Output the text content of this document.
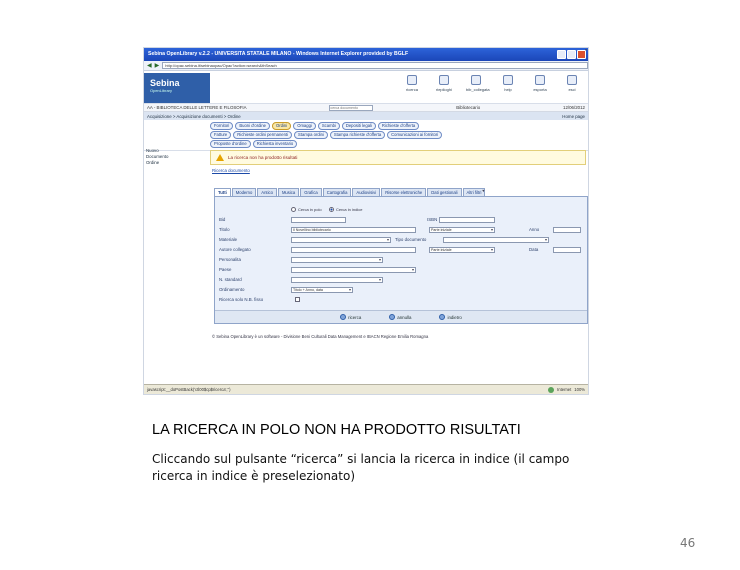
Sebina OpenLibrary v.2.2 - UNIVERSITA STATALE MILANO - Windows Internet Explorer provided by BGLF
◀ ▶	http://opac.sebina.it/sebinaopac/Opac?action=search&thSeach
Sebina
OpenLibrary	ricerca	riepiloghi	bib_collegata	help	esporta	esci
AA - BIBLIOTECA DELLE LETTERE E FILOSOFIA
cerca documento	Bibliotecario	12/06/2012
Acquisizione > Acquisizione documenti > Ordine	Home page
Fornitori	Buoni d'ordine	Ordini ▾	Omaggi	Scambi	Depositi legali	Richieste d'offerta
Fatture	Richieste ordini permanenti	Stampa ordini	Stampa richieste d'offerta	Comunicazioni ai fornitori
Proposte d'ordine	Richiesta inventario
Nuovo
Documento
Ordine
La ricerca non ha prodotto risultati
Ricerca documento
Tutti ▾	Moderno	Antico	Musica	Grafica	Cartografia	Audiovisivi	Risorse elettroniche	Dati gestionali	Altri filtri
Cerca in polo	Cerca in indice
Bid	ISBN
Titolo	Il Novellino bibliotecario	Parte iniziale ▾	Anno
Materiale
▾	Tipo documento
▾
Autore collegato	Parte iniziale ▾	Data
Personalita
▾
Paese
▾
N. standard
▾
Ordinamento	Titolo + Anno, data ▾
Ricerca solo N.B. fisso
ricerca	annulla	indietro
© Sebina OpenLibrary è un software - Divisione Beni Culturali Data Management e IBACN Regione Emilia Romagna
javascript:__doPostBack('ctl00$cp$ricerca','')	Internet 100%
LA RICERCA IN POLO NON HA PRODOTTO RISULTATI
Cliccando sul pulsante “ricerca” si lancia la ricerca in indice (il campo ricerca in indice è preselezionato)
46
